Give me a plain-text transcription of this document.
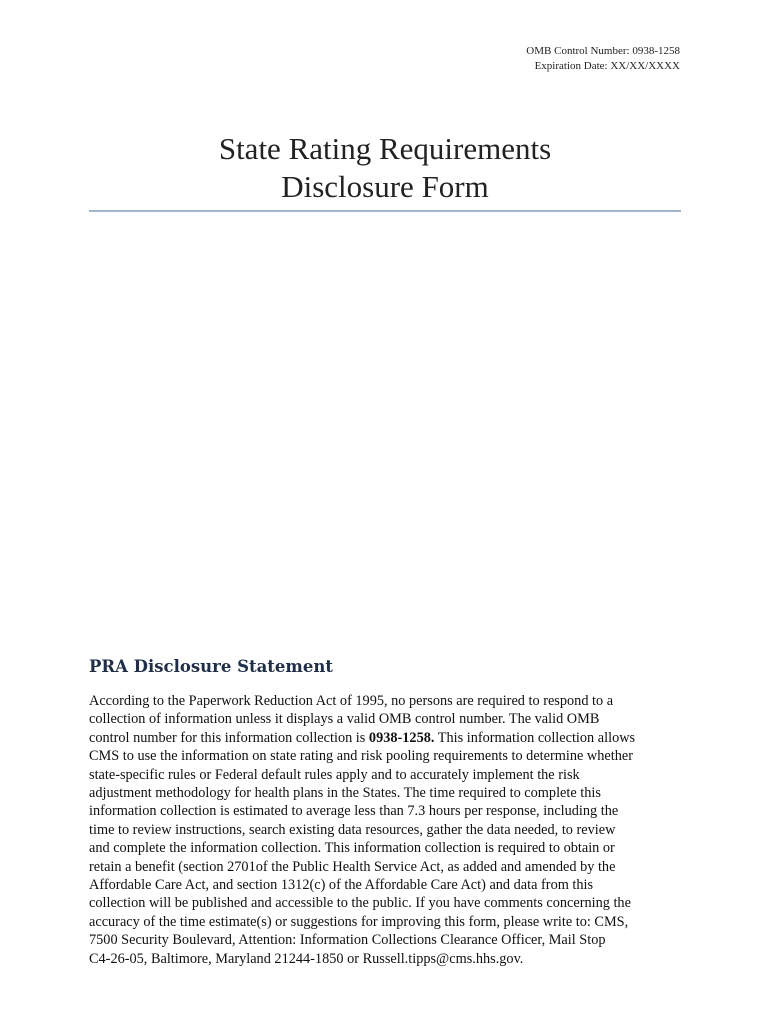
OMB Control Number: 0938-1258
Expiration Date: XX/XX/XXXX
State Rating Requirements
Disclosure Form
PRA Disclosure Statement
According to the Paperwork Reduction Act of 1995, no persons are required to respond to a
collection of information unless it displays a valid OMB control number. The valid OMB
control number for this information collection is 0938-1258. This information collection allows
CMS to use the information on state rating and risk pooling requirements to determine whether
state-specific rules or Federal default rules apply and to accurately implement the risk
adjustment methodology for health plans in the States. The time required to complete this
information collection is estimated to average less than 7.3 hours per response, including the
time to review instructions, search existing data resources, gather the data needed, to review
and complete the information collection. This information collection is required to obtain or
retain a benefit (section 2701of the Public Health Service Act, as added and amended by the
Affordable Care Act, and section 1312(c) of the Affordable Care Act) and data from this
collection will be published and accessible to the public. If you have comments concerning the
accuracy of the time estimate(s) or suggestions for improving this form, please write to: CMS,
7500 Security Boulevard, Attention: Information Collections Clearance Officer, Mail Stop
C4-26-05, Baltimore, Maryland 21244-1850 or Russell.tipps@cms.hhs.gov.
